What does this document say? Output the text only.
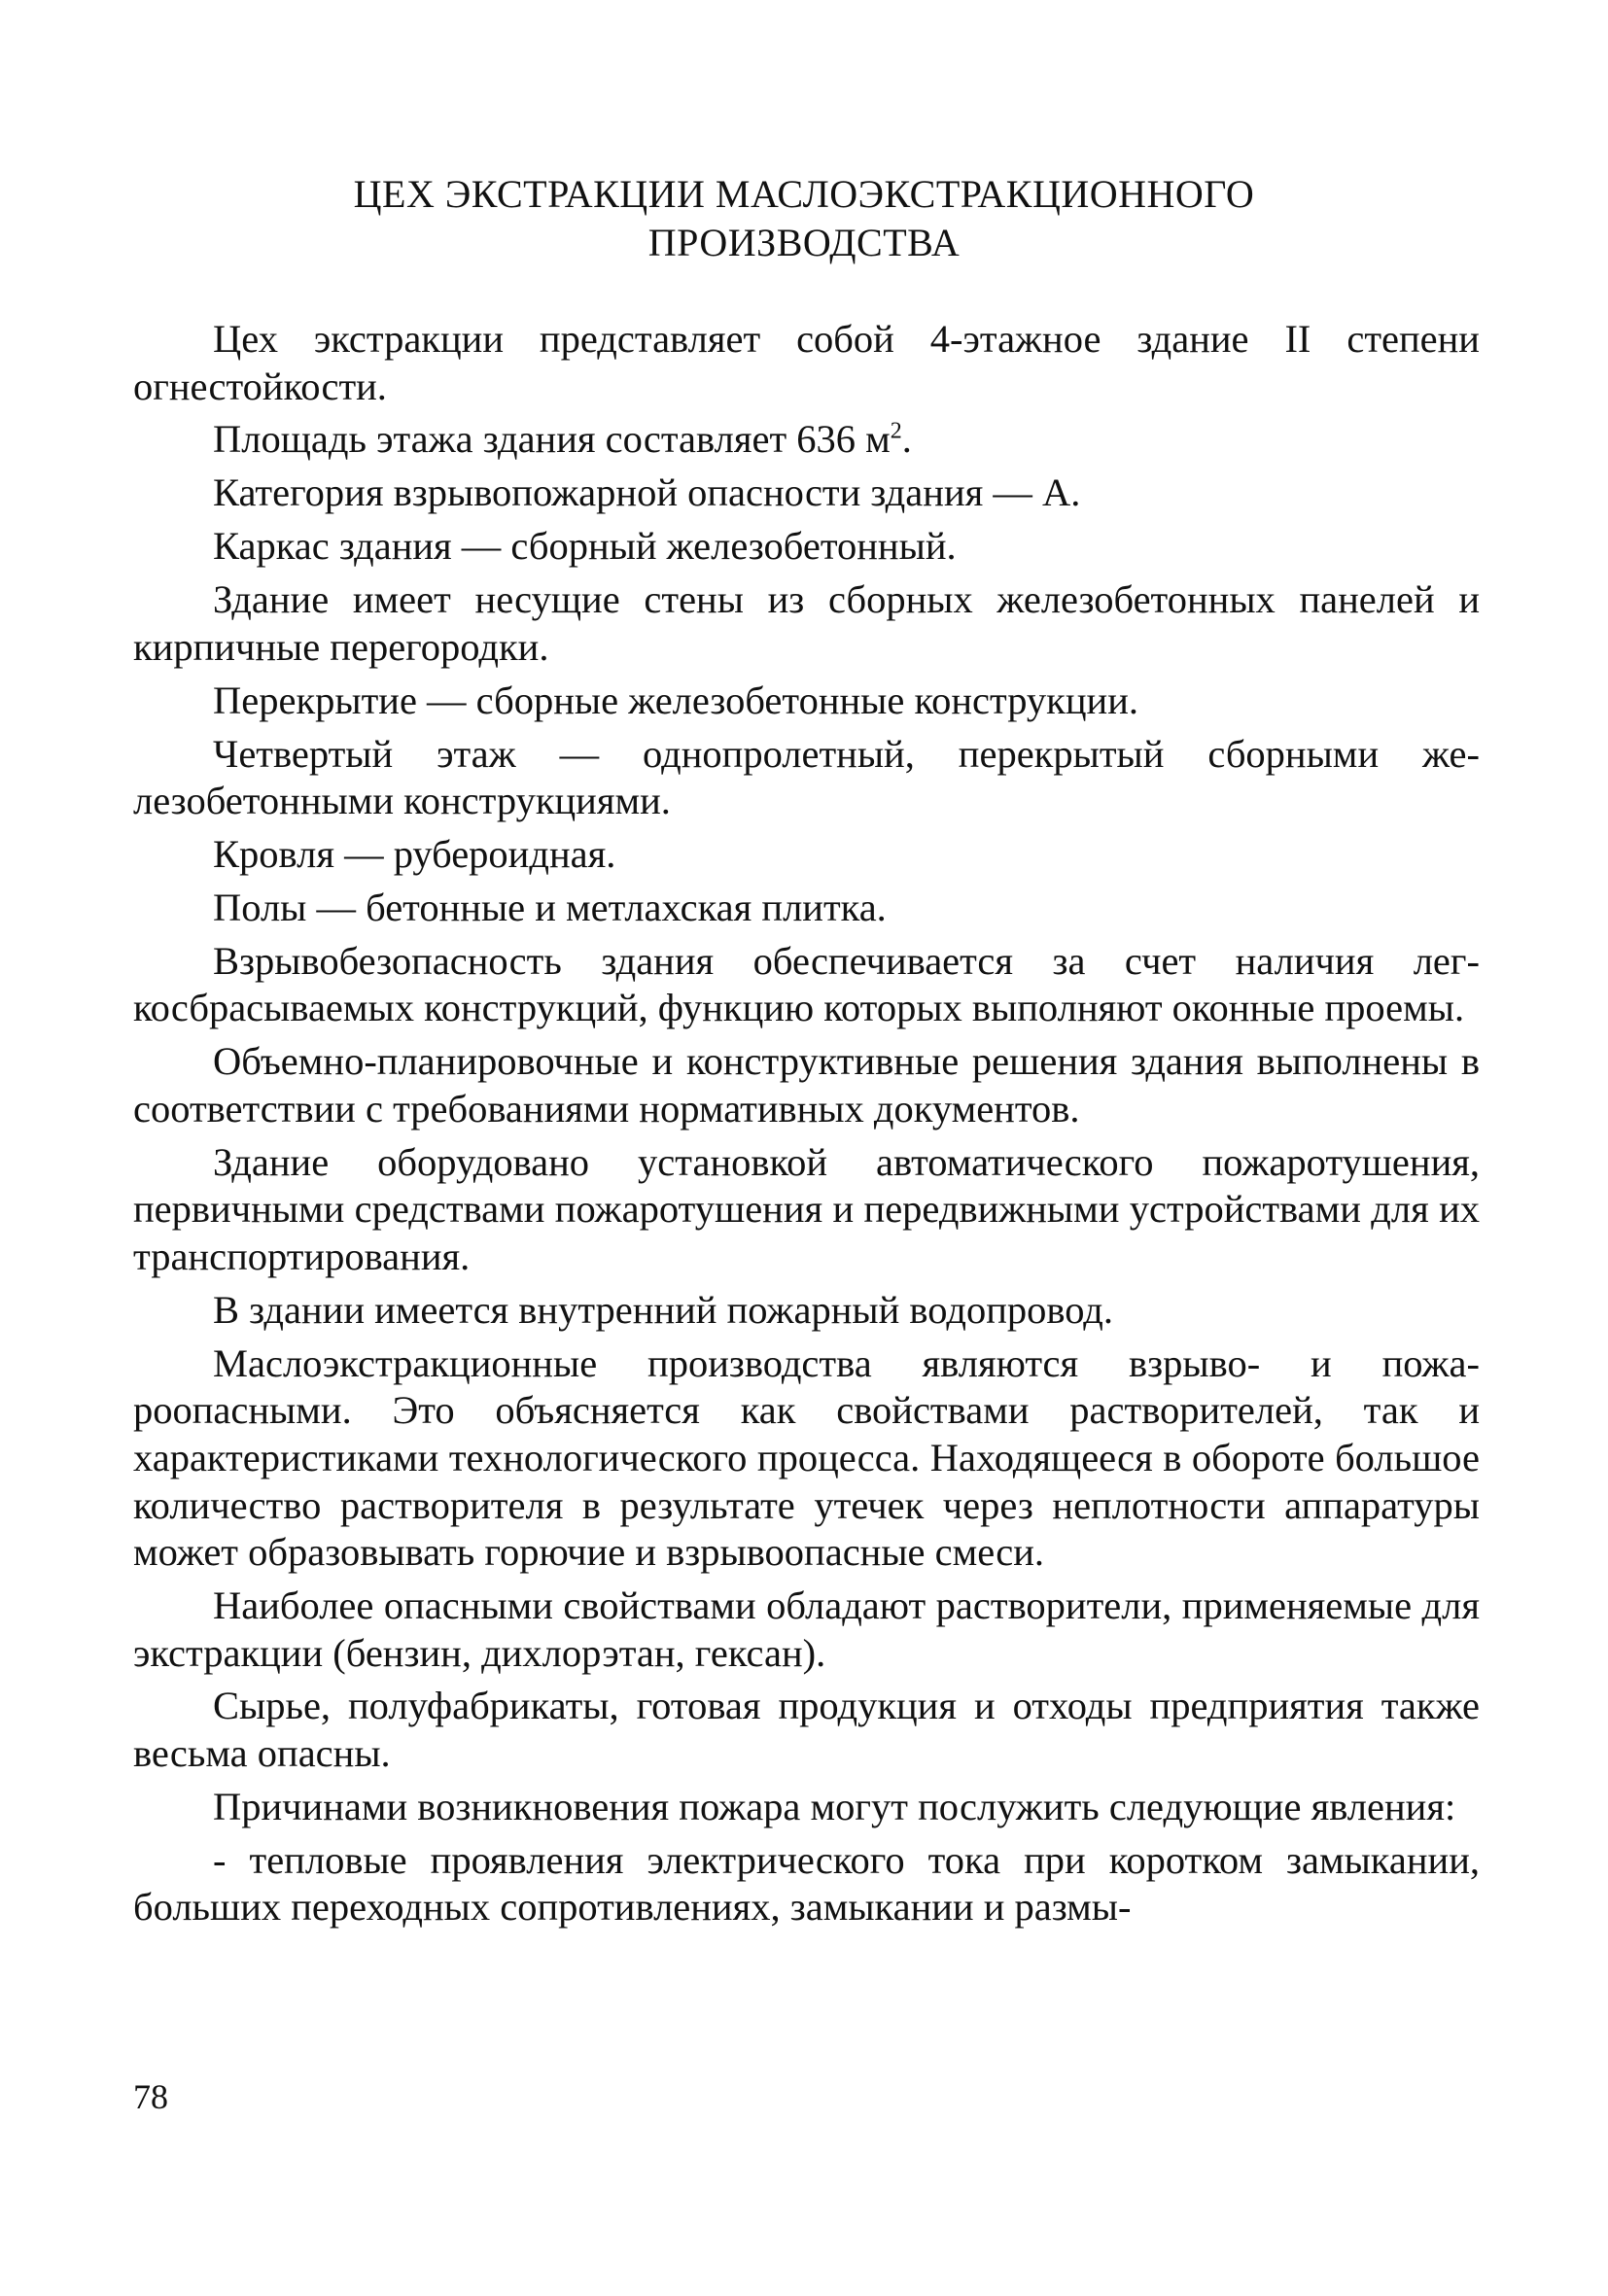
ЦЕХ ЭКСТРАКЦИИ МАСЛОЭКСТРАКЦИОННОГО
ПРОИЗВОДСТВА

Цех экстракции представляет собой 4-этажное здание II степени огнестойкости.

Площадь этажа здания составляет 636 $м^2$.

Категория взрывопожарной опасности здания — А.

Каркас здания — сборный железобетонный.

Здание имеет несущие стены из сборных железобетонных панелей и кирпичные перегородки.

Перекрытие — сборные железобетонные конструкции.

Четвертый этаж — однопролетный, перекрытый сборными железобетонными конструкциями.

Кровля — рубероидная.

Полы — бетонные и метлахская плитка.

Взрывобезопасность здания обеспечивается за счет наличия легкосбрасываемых конструкций, функцию которых выполняют оконные проемы.

Объемно-планировочные и конструктивные решения здания выполнены в соответствии с требованиями нормативных документов.

Здание оборудовано установкой автоматического пожаротушения, первичными средствами пожаротушения и передвижными устройствами для их транспортирования.

В здании имеется внутренний пожарный водопровод.

Маслоэкстракционные производства являются взрыво- и пожароопасными. Это объясняется как свойствами растворителей, так и характеристиками технологического процесса. Находящееся в обороте большое количество растворителя в результате утечек через неплотности аппаратуры может образовывать горючие и взрывоопасные смеси.

Наиболее опасными свойствами обладают растворители, применяемые для экстракции (бензин, дихлорэтан, гексан).

Сырье, полуфабрикаты, готовая продукция и отходы предприятия также весьма опасны.

Причинами возникновения пожара могут послужить следующие явления:

- тепловые проявления электрического тока при коротком замыкании, больших переходных сопротивлениях, замыкании и размы-

78
